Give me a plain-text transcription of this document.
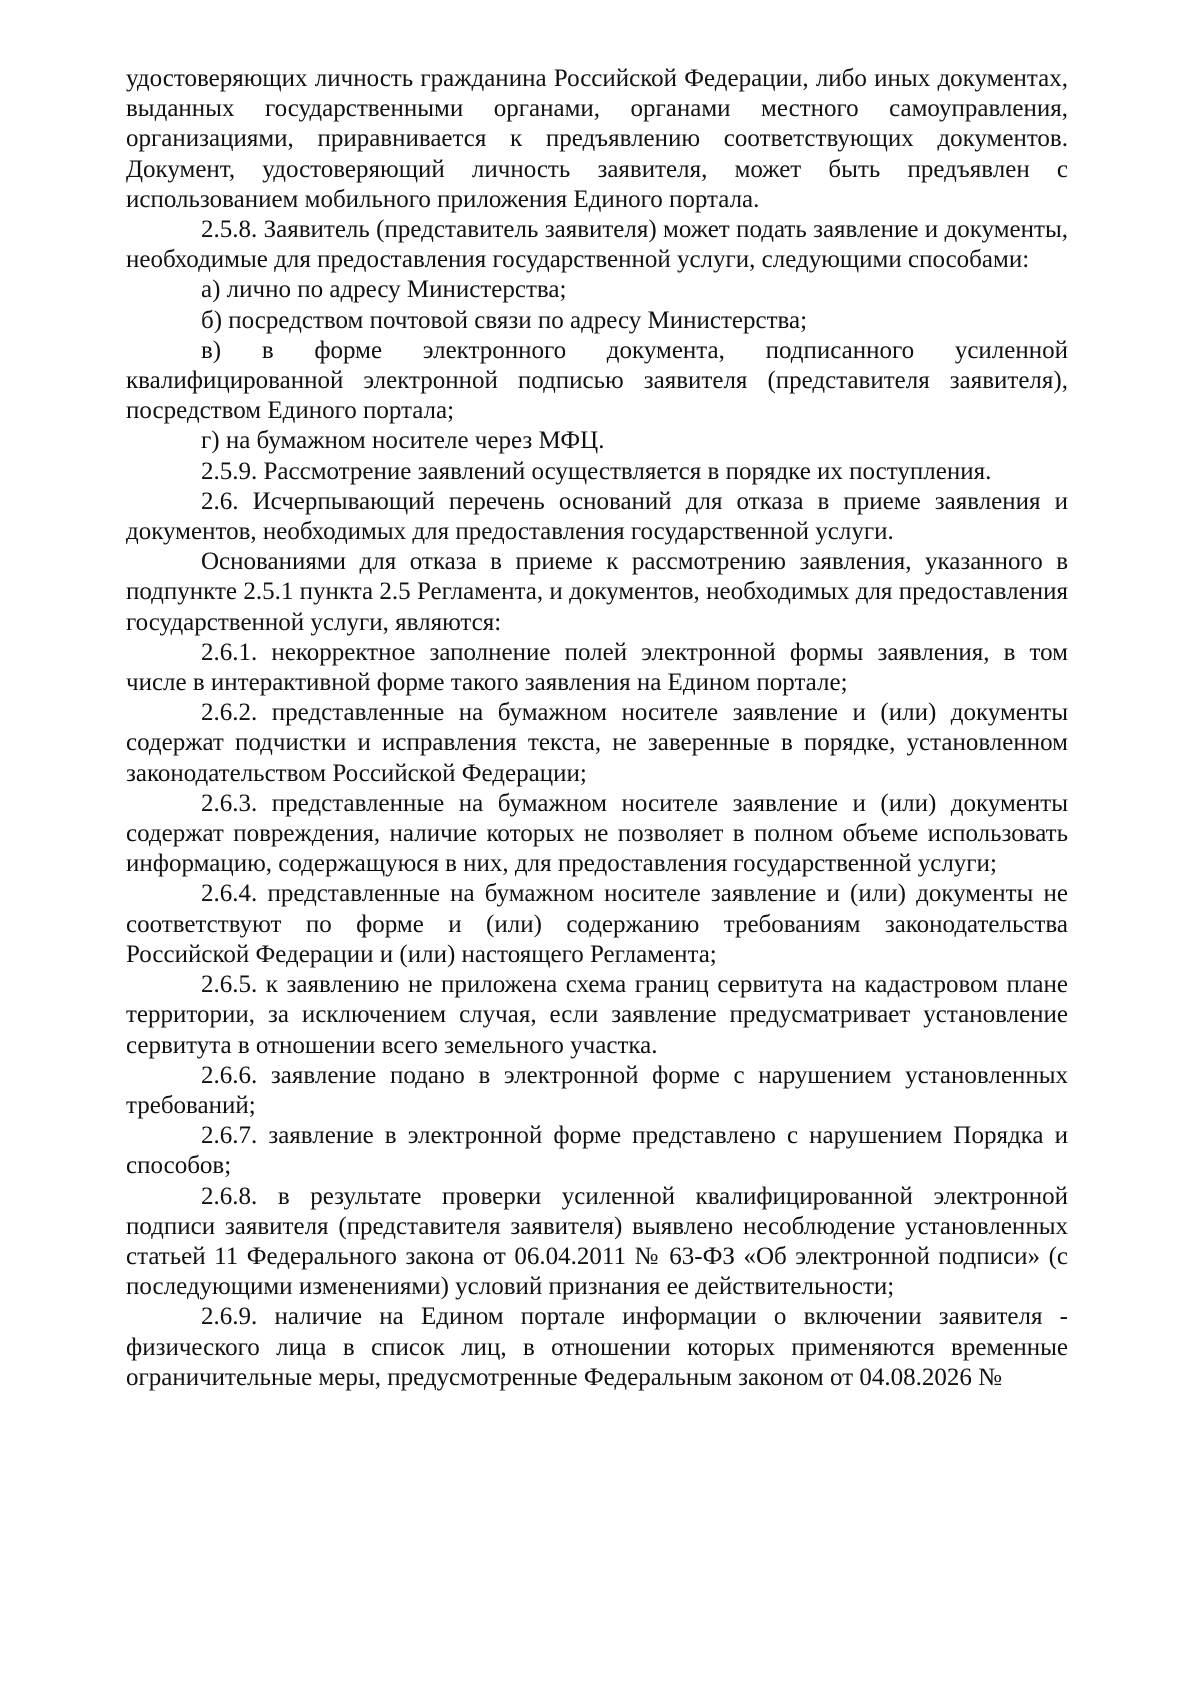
удостоверяющих личность гражданина Российской Федерации, либо иных документах, выданных государственными органами, органами местного самоуправления, организациями, приравнивается к предъявлению соответствующих документов. Документ, удостоверяющий личность заявителя, может быть предъявлен с использованием мобильного приложения Единого портала.

2.5.8. Заявитель (представитель заявителя) может подать заявление и документы, необходимые для предоставления государственной услуги, следующими способами:

а) лично по адресу Министерства;

б) посредством почтовой связи по адресу Министерства;

в) в форме электронного документа, подписанного усиленной квалифицированной электронной подписью заявителя (представителя заявителя), посредством Единого портала;

г) на бумажном носителе через МФЦ.

2.5.9. Рассмотрение заявлений осуществляется в порядке их поступления.

2.6. Исчерпывающий перечень оснований для отказа в приеме заявления и документов, необходимых для предоставления государственной услуги.

Основаниями для отказа в приеме к рассмотрению заявления, указанного в подпункте 2.5.1 пункта 2.5 Регламента, и документов, необходимых для предоставления государственной услуги, являются:

2.6.1. некорректное заполнение полей электронной формы заявления, в том числе в интерактивной форме такого заявления на Едином портале;

2.6.2. представленные на бумажном носителе заявление и (или) документы содержат подчистки и исправления текста, не заверенные в порядке, установленном законодательством Российской Федерации;

2.6.3. представленные на бумажном носителе заявление и (или) документы содержат повреждения, наличие которых не позволяет в полном объеме использовать информацию, содержащуюся в них, для предоставления государственной услуги;

2.6.4. представленные на бумажном носителе заявление и (или) документы не соответствуют по форме и (или) содержанию требованиям законодательства Российской Федерации и (или) настоящего Регламента;

2.6.5. к заявлению не приложена схема границ сервитута на кадастровом плане территории, за исключением случая, если заявление предусматривает установление сервитута в отношении всего земельного участка.

2.6.6. заявление подано в электронной форме с нарушением установленных требований;

2.6.7. заявление в электронной форме представлено с нарушением Порядка и способов;

2.6.8. в результате проверки усиленной квалифицированной электронной подписи заявителя (представителя заявителя) выявлено несоблюдение установленных статьей 11 Федерального закона от 06.04.2011 № 63-ФЗ «Об электронной подписи» (с последующими изменениями) условий признания ее действительности;

2.6.9. наличие на Едином портале информации о включении заявителя - физического лица в список лиц, в отношении которых применяются временные ограничительные меры, предусмотренные Федеральным законом от 04.08.2026 №
